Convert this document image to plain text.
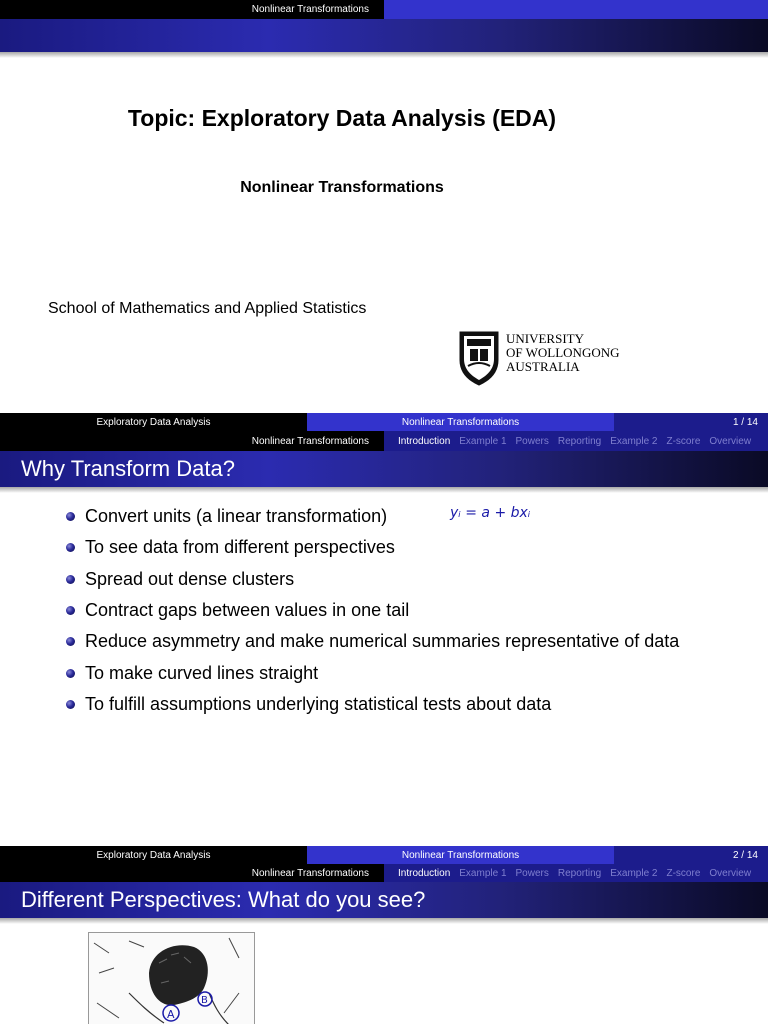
Nonlinear Transformations
Topic: Exploratory Data Analysis (EDA)
Nonlinear Transformations
School of Mathematics and Applied Statistics
UNIVERSITY
OF WOLLONGONG
AUSTRALIA
Exploratory Data Analysis	Nonlinear Transformations	1 / 14
Nonlinear Transformations	Introduction Example 1 Powers Reporting Example 2 Z-score Overview
Why Transform Data?
Convert units (a linear transformation)
To see data from different perspectives
Spread out dense clusters
Contract gaps between values in one tail
Reduce asymmetry and make numerical summaries representative of data
To make curved lines straight
To fulfill assumptions underlying statistical tests about data
yᵢ = a + bxᵢ
Exploratory Data Analysis	Nonlinear Transformations	2 / 14
Nonlinear Transformations	Introduction Example 1 Powers Reporting Example 2 Z-score Overview
Different Perspectives: What do you see?
A
B
